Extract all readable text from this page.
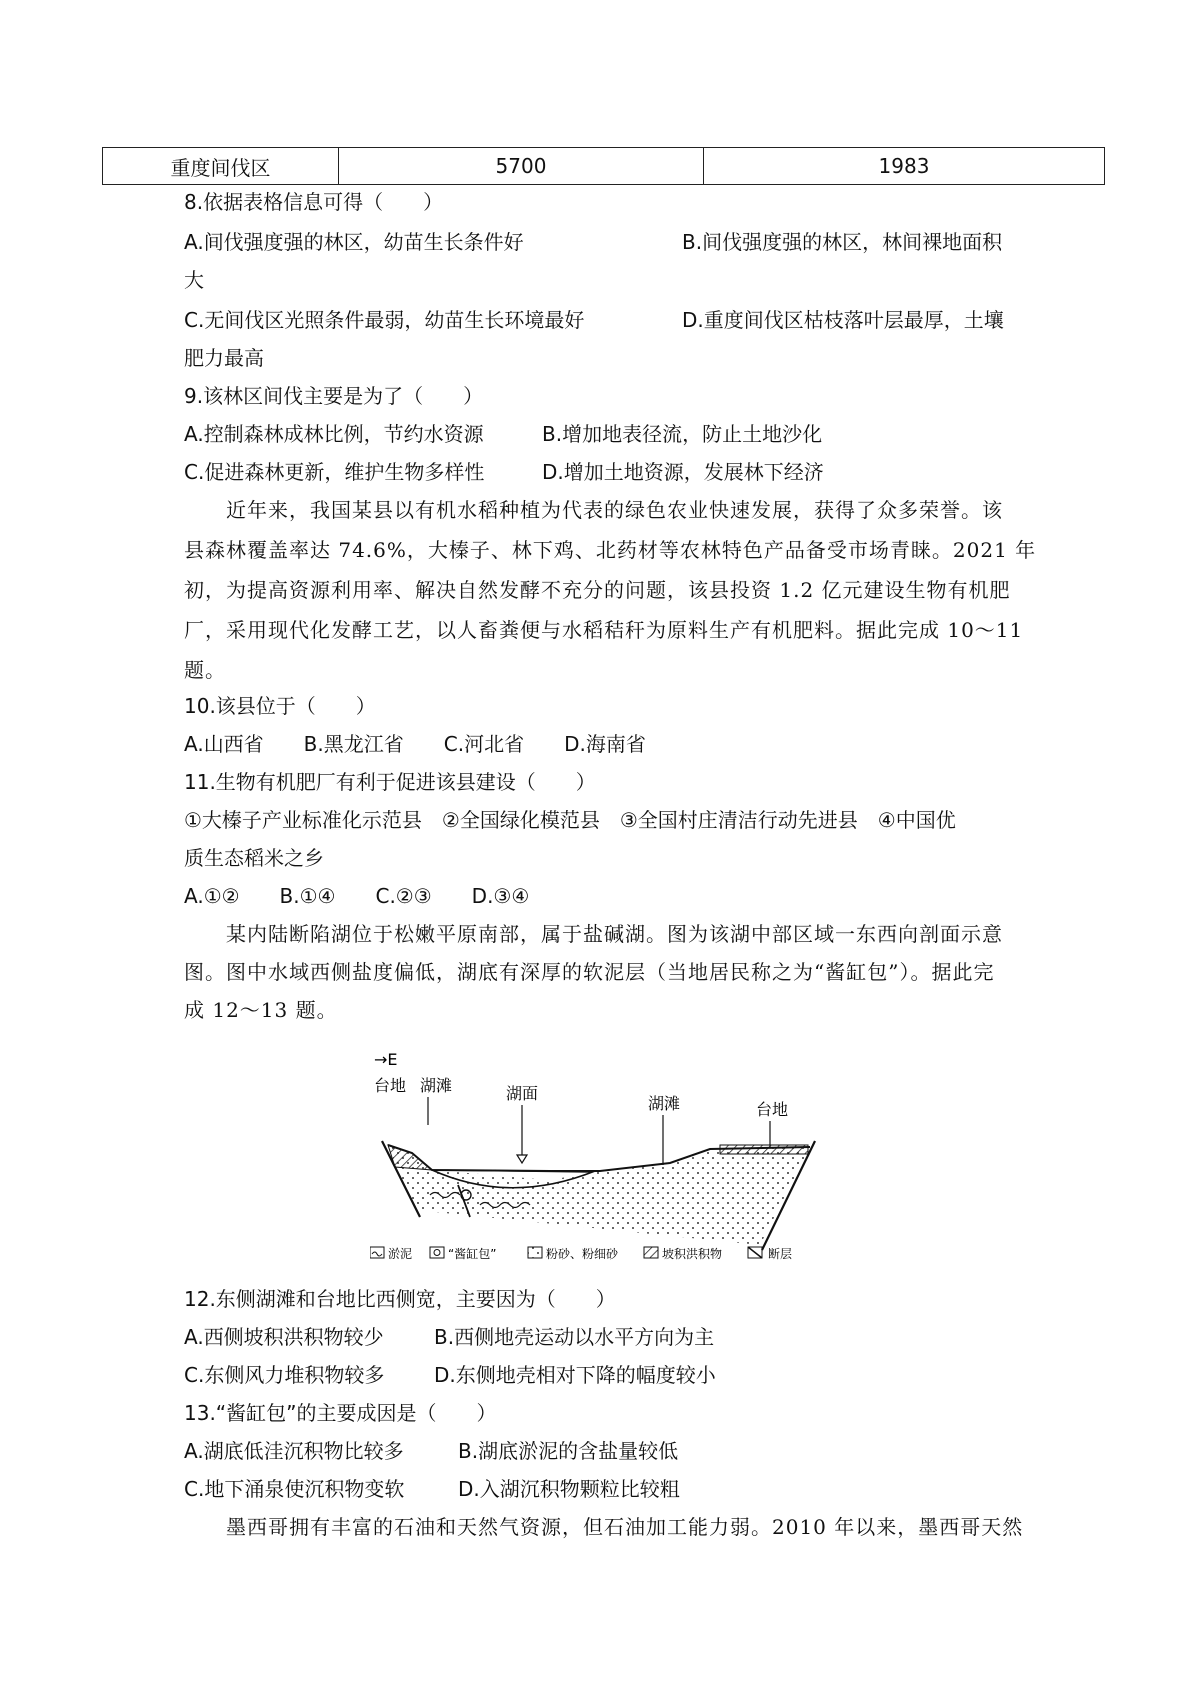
重度间伐区	5700	1983
8.依据表格信息可得（　　）
A.间伐强度强的林区，幼苗生长条件好	B.间伐强度强的林区，林间裸地面积
大
C.无间伐区光照条件最弱，幼苗生长环境最好	D.重度间伐区枯枝落叶层最厚，土壤
肥力最高
9.该林区间伐主要是为了（　　）
A.控制森林成林比例，节约水资源	B.增加地表径流，防止土地沙化
C.促进森林更新，维护生物多样性	D.增加土地资源，发展林下经济
近年来，我国某县以有机水稻种植为代表的绿色农业快速发展，获得了众多荣誉。该
县森林覆盖率达 74.6%，大榛子、林下鸡、北药材等农林特色产品备受市场青睐。2021 年
初，为提高资源利用率、解决自然发酵不充分的问题，该县投资 1.2 亿元建设生物有机肥
厂，采用现代化发酵工艺，以人畜粪便与水稻秸秆为原料生产有机肥料。据此完成 10～11
题。
10.该县位于（　　）
A.山西省　　B.黑龙江省　　C.河北省　　D.海南省
11.生物有机肥厂有利于促进该县建设（　　）
①大榛子产业标准化示范县　②全国绿化模范县　③全国村庄清洁行动先进县　④中国优
质生态稻米之乡
A.①②　　B.①④　　C.②③　　D.③④
某内陆断陷湖位于松嫩平原南部，属于盐碱湖。图为该湖中部区域一东西向剖面示意
图。图中水域西侧盐度偏低，湖底有深厚的软泥层（当地居民称之为“酱缸包”）。据此完
成 12～13 题。
→E
台地 湖滩	湖面
湖滩	台地
淤泥	“酱缸包”	粉砂、粉细砂	坡积洪积物	断层
12.东侧湖滩和台地比西侧宽，主要因为（　　）
A.西侧坡积洪积物较少	B.西侧地壳运动以水平方向为主
C.东侧风力堆积物较多 D.东侧地壳相对下降的幅度较小
13.“酱缸包”的主要成因是（　　）
A.湖底低洼沉积物比较多	B.湖底淤泥的含盐量较低
C.地下涌泉使沉积物变软	D.入湖沉积物颗粒比较粗
墨西哥拥有丰富的石油和天然气资源，但石油加工能力弱。2010 年以来，墨西哥天然
